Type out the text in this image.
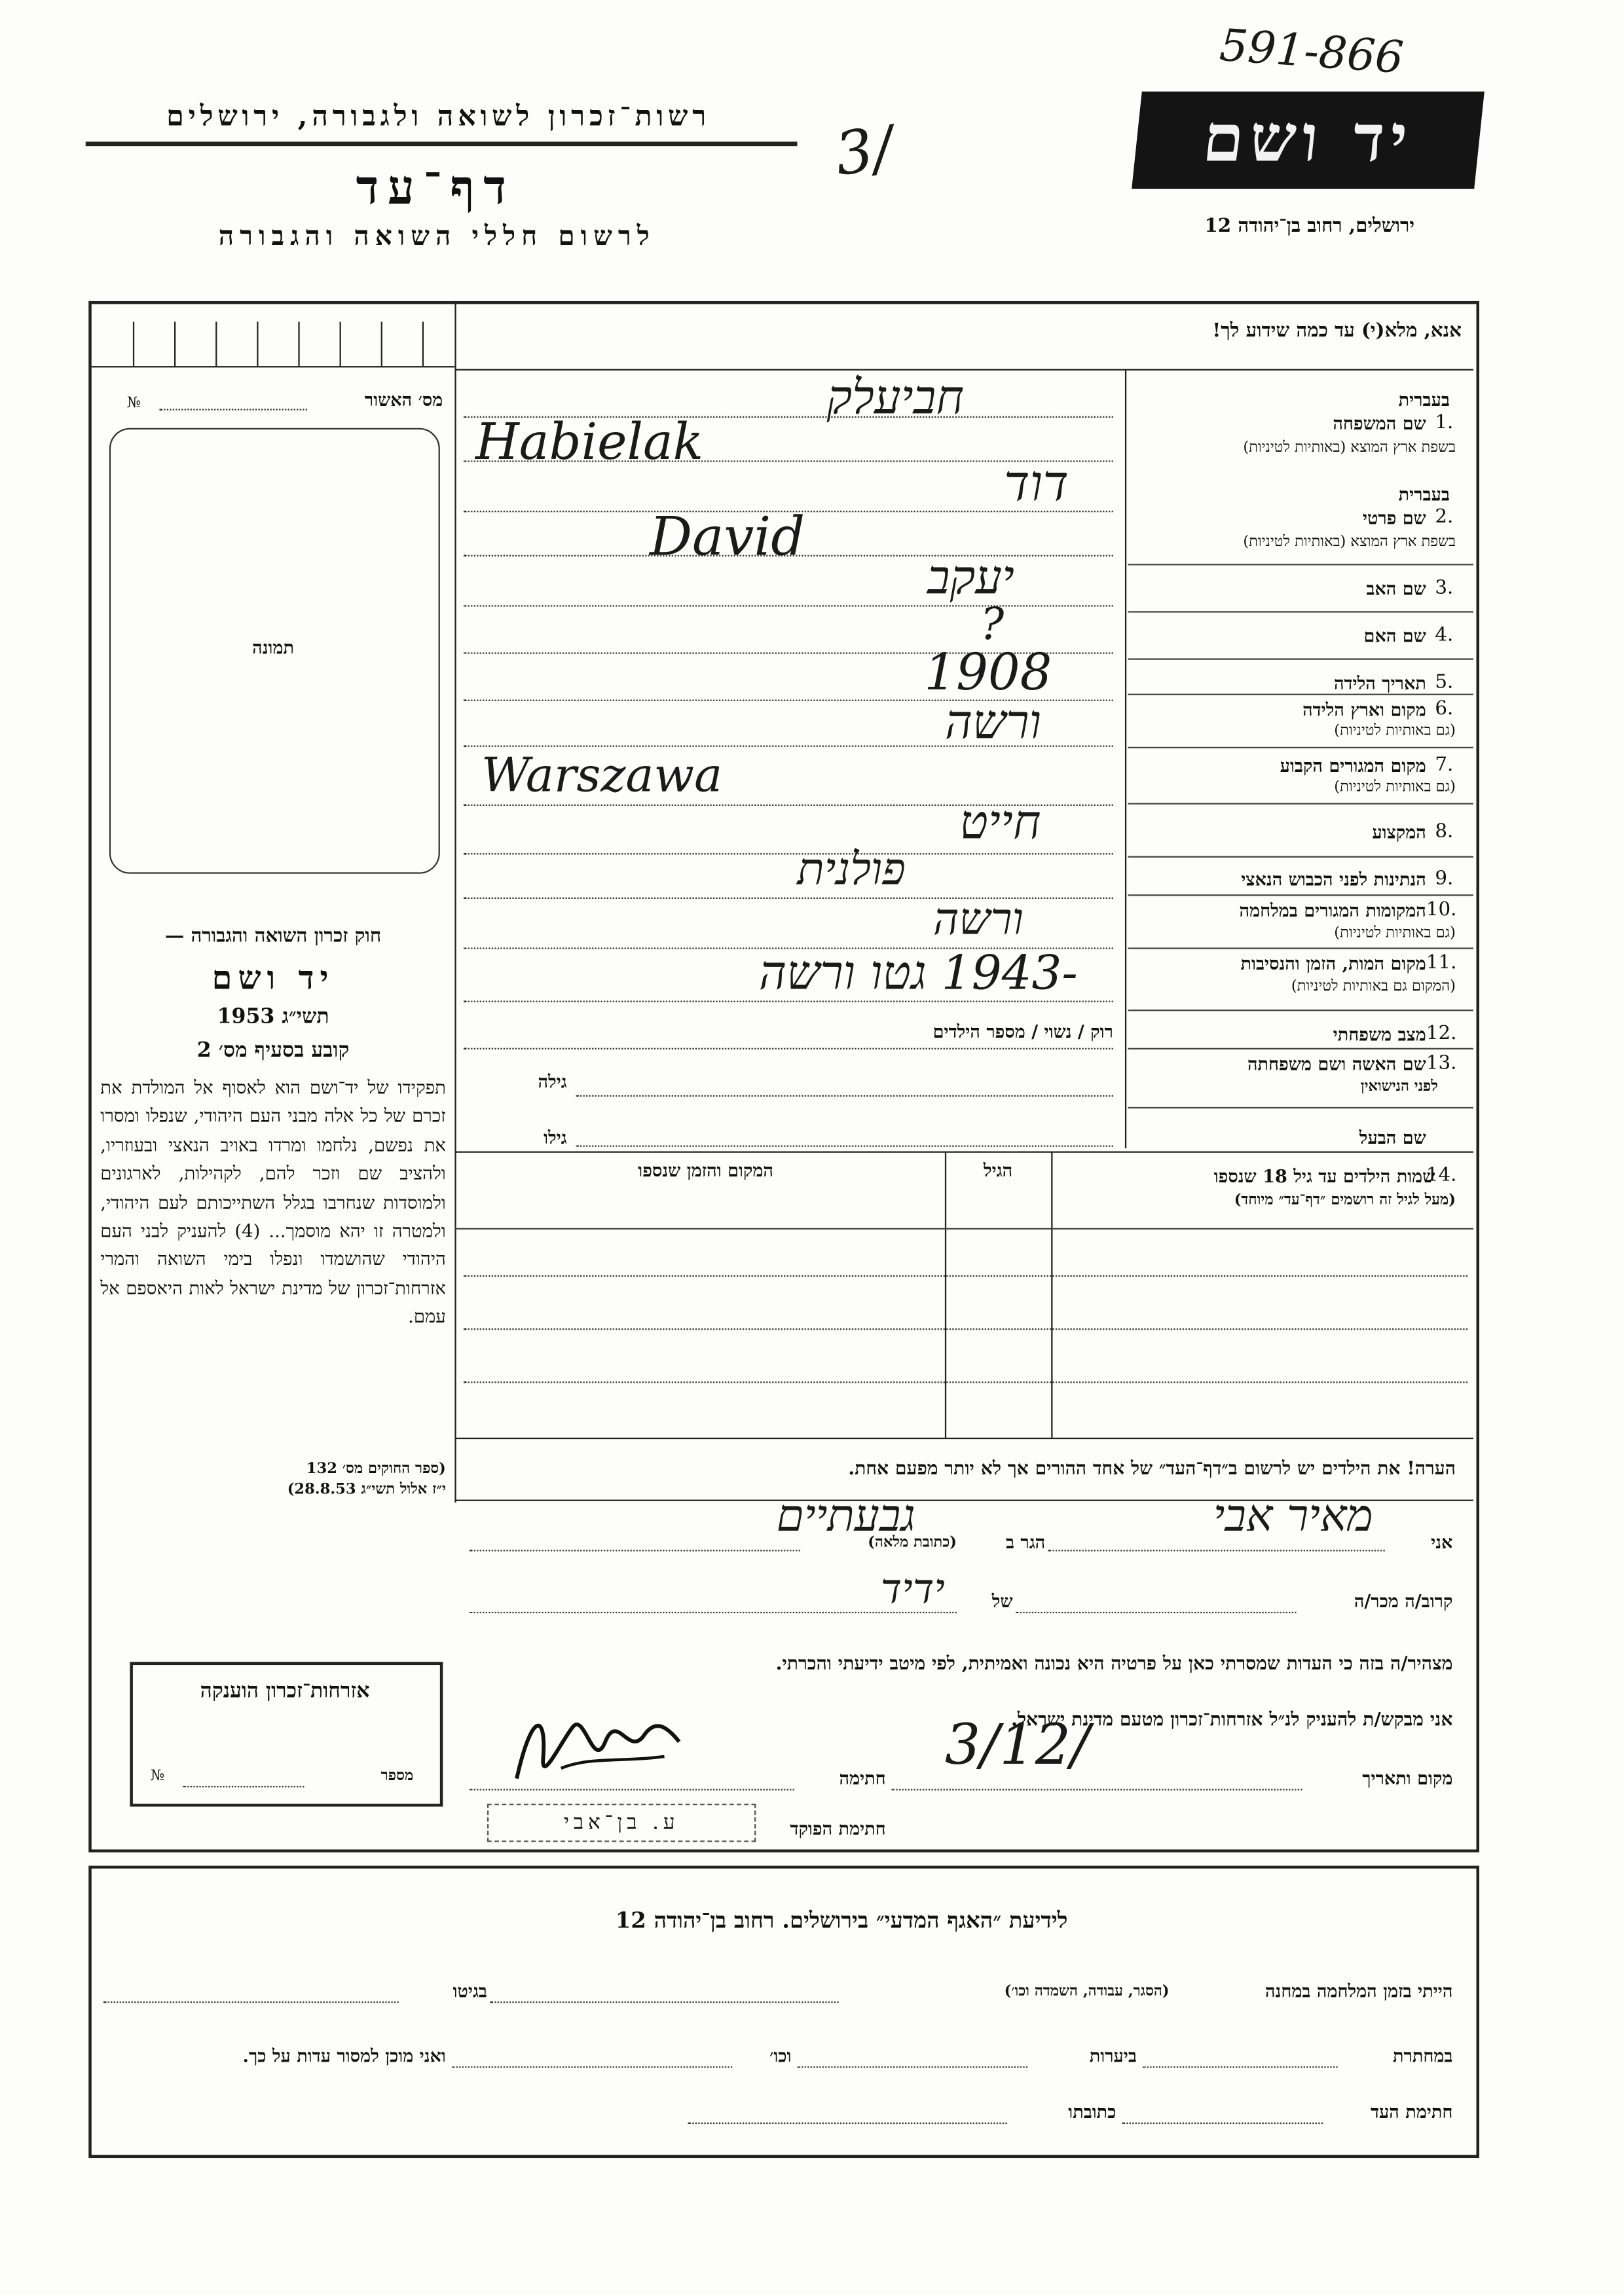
591-866
3/
רשות־זכרון לשואה ולגבורה, ירושלים
דף־עד
לרשום חללי השואה והגבורה
יד ושם
ירושלים, רחוב בן־יהודה 12
מס׳ האשור
№
תמונה
חוק זכרון השואה והגבורה —
יד ושם
תשי״ג 1953
קובע בסעיף מס׳ 2
תפקידו של יד־ושם הוא לאסוף אל המולדת את זכרם של כל אלה מבני העם היהודי, שנפלו ומסרו את נפשם, נלחמו ומרדו באויב הנאצי ובעוזריו, ולהציב שם וזכר להם, לקהילות, לארגונים ולמוסדות שנחרבו בגלל השתייכותם לעם היהודי, ולמטרה זו יהא מוסמך... (4) להעניק לבני העם היהודי שהושמדו ונפלו בימי השואה והמרי אזרחות־זכרון של מדינת ישראל לאות היאספם אל עמם.
(ספר החוקים מס׳ 132
י״ז אלול תשי״ג 28.8.53)
אנא, מלא(י) עד כמה שידוע לך!
בעברית
שם המשפחה 1.
בשפת ארץ המוצא (באותיות לטיניות)
חביעלק
Habielak
בעברית
שם פרטי 2.
בשפת ארץ המוצא (באותיות לטיניות)
דוד
David
שם האב 3.
יעקב
שם האם 4.
?
תאריך הלידה 5.
1908
מקום וארץ הלידה 6.
(גם באותיות לטיניות)
ורשה
מקום המגורים הקבוע 7.
(גם באותיות לטיניות)
Warszawa
המקצוע 8.
חייט
הנתינות לפני הכבוש הנאצי 9.
פולנית
המקומות המגורים במלחמה 10.
(גם באותיות לטיניות)
ורשה
מקום המות, הזמן והנסיבות 11.
(המקום גם באותיות לטיניות)
-1943 גטו ורשה
מצב משפחתי 12.
רוק / נשוי / מספר הילדים
שם האשה ושם משפחתה 13.
לפני הנישואין
גילה
שם הבעל
גילו
שמות הילדים עד גיל 18 שנספו
14.
(מעל לגיל זה רושמים ״דף־עד״ מיוחד)
הגיל
המקום והזמן שנספו
הערה! את הילדים יש לרשום ב״דף־העד״ של אחד ההורים אך לא יותר מפעם אחת.
אני
מאיר אבי
הגר ב
(כתובת מלאה)
גבעתיים
קרוב/ה מכר/ה
של
ידיד
מצהיר/ה בזה כי העדות שמסרתי כאן על פרטיה היא נכונה ואמיתית, לפי מיטב ידיעתי והכרתי.
אני מבקש/ת להעניק לנ״ל אזרחות־זכרון מטעם מדינת ישראל.
מקום ותאריך
3/12/
חתימה
חתימת הפוקד
ע. בן־אבי
אזרחות־זכרון הוענקה
מספר
№
לידיעת ״האגף המדעי״ בירושלים. רחוב בן־יהודה 12
הייתי בזמן המלחמה במחנה
(הסגר, עבודה, השמדה וכו׳)
בגיטו
במחתרת
ביערות
וכו׳
ואני מוכן למסור עדות על כך.
חתימת העד
כתובתו
